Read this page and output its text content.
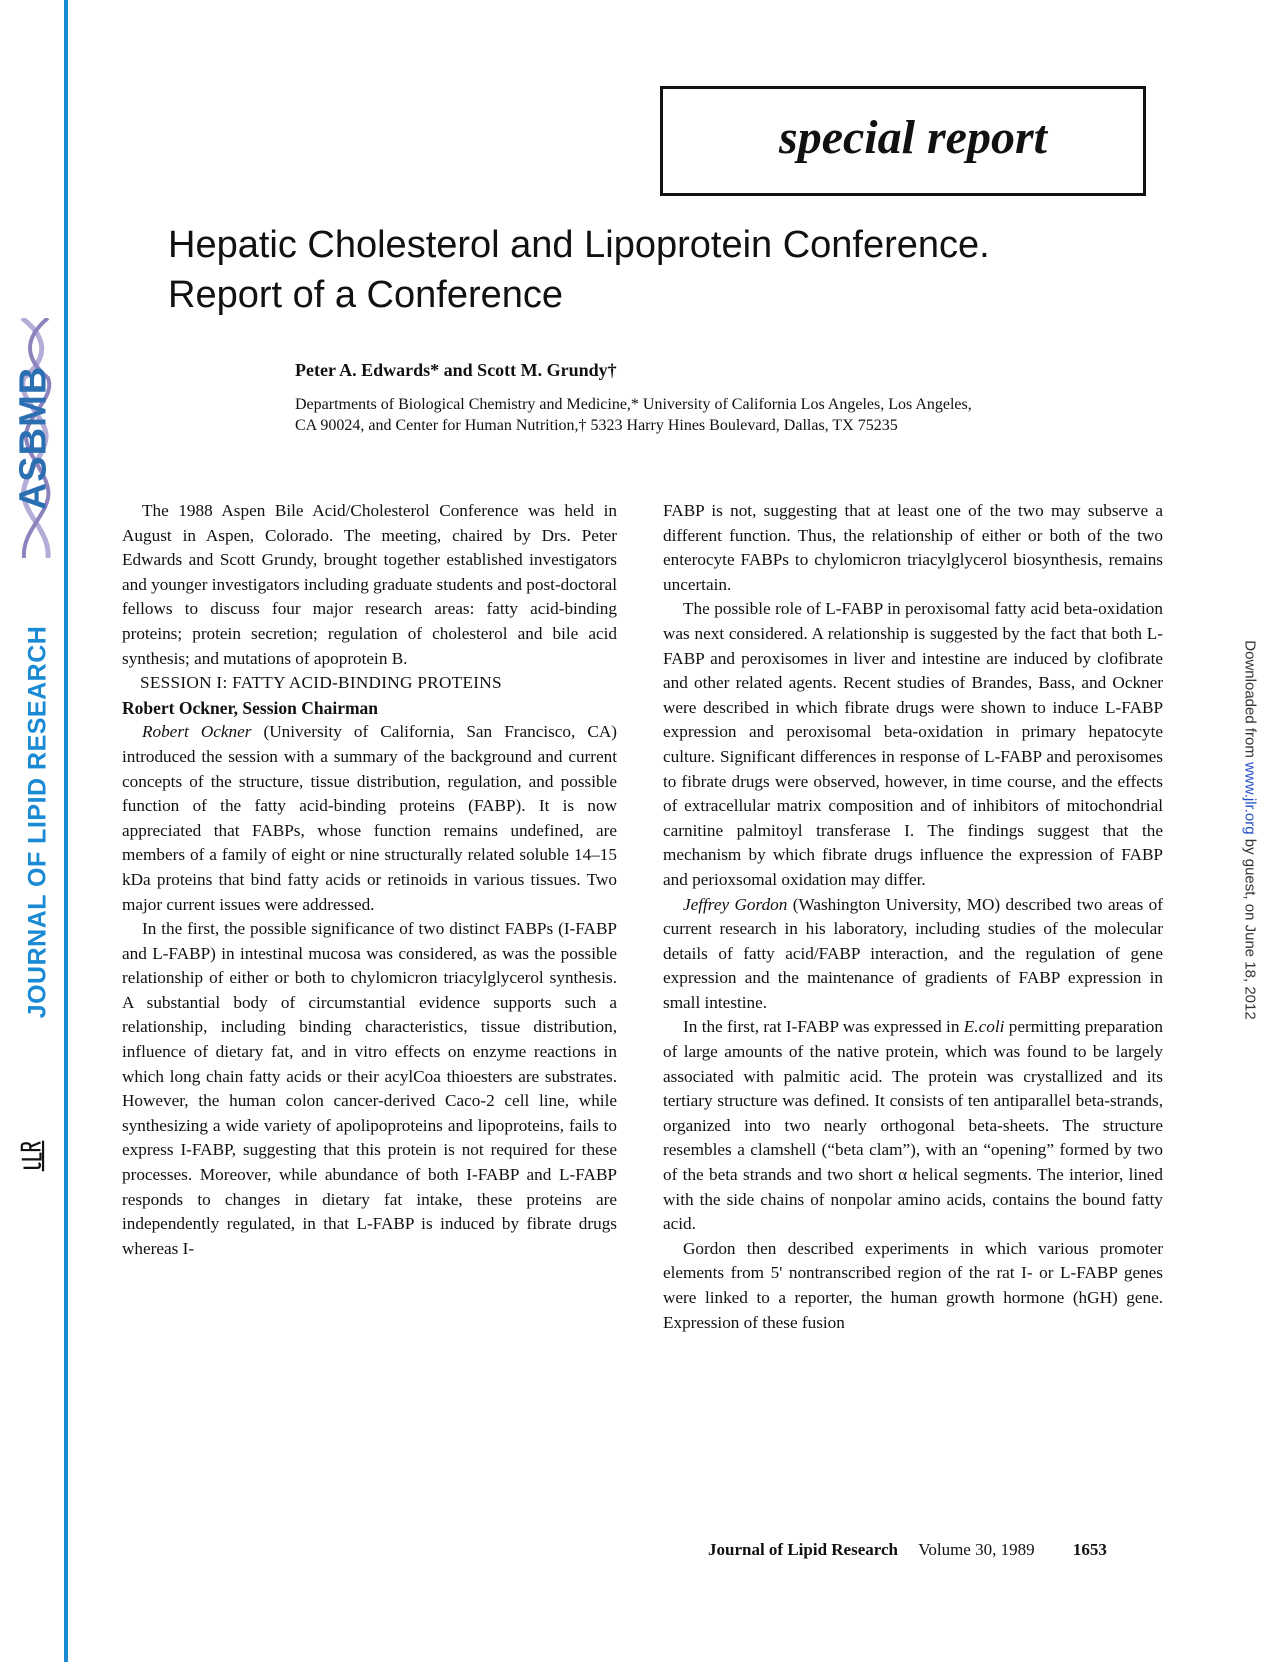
ASBMB
JOURNAL OF LIPID RESEARCH	Downloaded from www.jlr.org by guest, on June 18, 2012
special report
Hepatic Cholesterol and Lipoprotein Conference.
Report of a Conference
Peter A. Edwards* and Scott M. Grundy†
Departments of Biological Chemistry and Medicine,* University of California Los Angeles, Los Angeles,
CA 90024, and Center for Human Nutrition,† 5323 Harry Hines Boulevard, Dallas, TX 75235

The 1988 Aspen Bile Acid/Cholesterol Conference was held in August in Aspen, Colorado. The meeting, chaired by Drs. Peter Edwards and Scott Grundy, brought together established investigators and younger investigators including graduate students and post-doctoral fellows to discuss four major research areas: fatty acid-binding proteins; protein secretion; regulation of cholesterol and bile acid synthesis; and mutations of apoprotein B.

SESSION I: FATTY ACID-BINDING PROTEINS

Robert Ockner, Session Chairman

Robert Ockner (University of California, San Francisco, CA) introduced the session with a summary of the background and current concepts of the structure, tissue distribution, regulation, and possible function of the fatty acid-binding proteins (FABP). It is now appreciated that FABPs, whose function remains undefined, are members of a family of eight or nine structurally related soluble 14–15 kDa proteins that bind fatty acids or retinoids in various tissues. Two major current issues were addressed.

In the first, the possible significance of two distinct FABPs (I-FABP and L-FABP) in intestinal mucosa was considered, as was the possible relationship of either or both to chylomicron triacylglycerol synthesis. A substantial body of circumstantial evidence supports such a relationship, including binding characteristics, tissue distribution, influence of dietary fat, and in vitro effects on enzyme reactions in which long chain fatty acids or their acylCoa thioesters are substrates. However, the human colon cancer-derived Caco-2 cell line, while synthesizing a wide variety of apolipoproteins and lipoproteins, fails to express I-FABP, suggesting that this protein is not required for these processes. Moreover, while abundance of both I-FABP and L-FABP responds to changes in dietary fat intake, these proteins are independently regulated, in that L-FABP is induced by fibrate drugs whereas I-

FABP is not, suggesting that at least one of the two may subserve a different function. Thus, the relationship of either or both of the two enterocyte FABPs to chylomicron triacylglycerol biosynthesis, remains uncertain.

The possible role of L-FABP in peroxisomal fatty acid beta-oxidation was next considered. A relationship is suggested by the fact that both L-FABP and peroxisomes in liver and intestine are induced by clofibrate and other related agents. Recent studies of Brandes, Bass, and Ockner were described in which fibrate drugs were shown to induce L-FABP expression and peroxisomal beta-oxidation in primary hepatocyte culture. Significant differences in response of L-FABP and peroxisomes to fibrate drugs were observed, however, in time course, and the effects of extracellular matrix composition and of inhibitors of mitochondrial carnitine palmitoyl transferase I. The findings suggest that the mechanism by which fibrate drugs influence the expression of FABP and perioxsomal oxidation may differ.

Jeffrey Gordon (Washington University, MO) described two areas of current research in his laboratory, including studies of the molecular details of fatty acid/FABP interaction, and the regulation of gene expression and the maintenance of gradients of FABP expression in small intestine.

In the first, rat I-FABP was expressed in E.coli permitting preparation of large amounts of the native protein, which was found to be largely associated with palmitic acid. The protein was crystallized and its tertiary structure was defined. It consists of ten antiparallel beta-strands, organized into two nearly orthogonal beta-sheets. The structure resembles a clamshell (“beta clam”), with an “opening” formed by two of the beta strands and two short α helical segments. The interior, lined with the side chains of nonpolar amino acids, contains the bound fatty acid.

Gordon then described experiments in which various promoter elements from 5' nontranscribed region of the rat I- or L-FABP genes were linked to a reporter, the human growth hormone (hGH) gene. Expression of these fusion

Journal of Lipid Research Volume 30, 1989 1653
